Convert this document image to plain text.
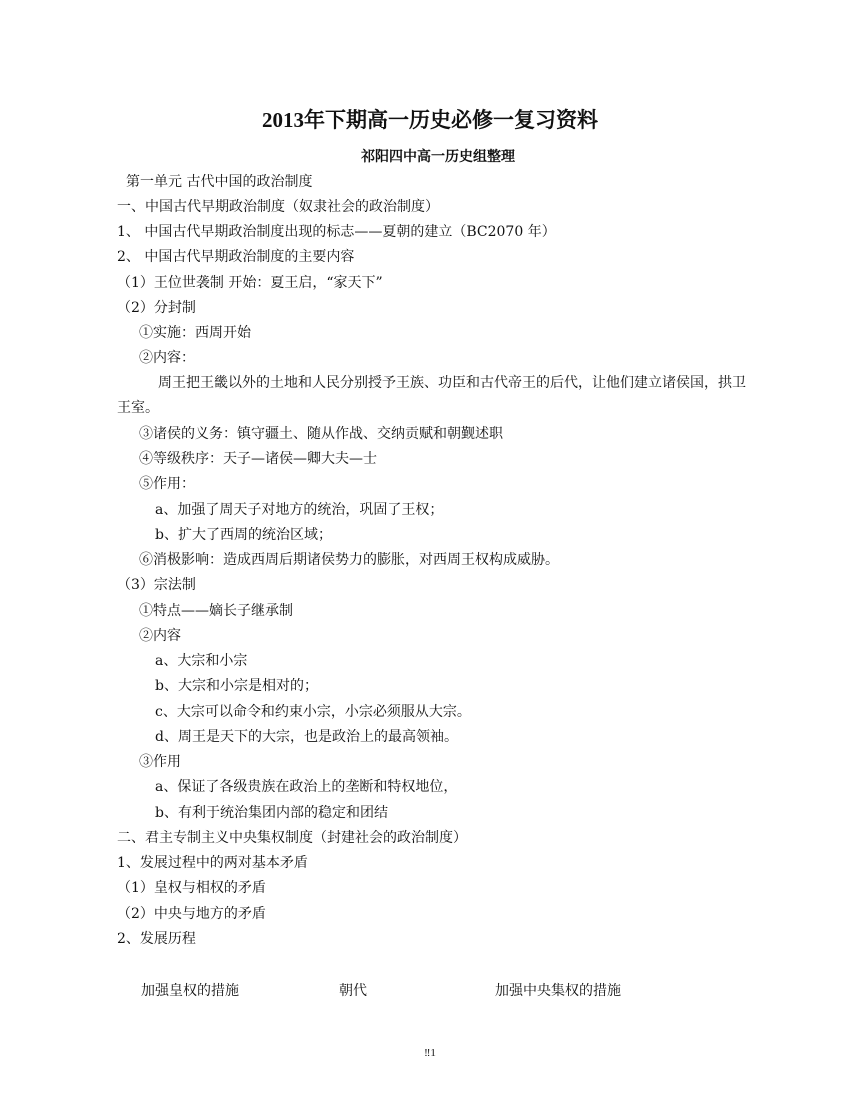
2013年下期高一历史必修一复习资料
祁阳四中高一历史组整理
第一单元 古代中国的政治制度
一、中国古代早期政治制度（奴隶社会的政治制度）
1、 中国古代早期政治制度出现的标志——夏朝的建立（BC2070 年）
2、 中国古代早期政治制度的主要内容
（1）王位世袭制 开始：夏王启，“家天下”
（2）分封制
①实施：西周开始
②内容：
周王把王畿以外的土地和人民分别授予王族、功臣和古代帝王的后代，让他们建立诸侯国，拱卫王室。
③诸侯的义务：镇守疆土、随从作战、交纳贡赋和朝觐述职
④等级秩序：天子—诸侯—卿大夫—士
⑤作用：
a、加强了周天子对地方的统治，巩固了王权；
b、扩大了西周的统治区域；
⑥消极影响：造成西周后期诸侯势力的膨胀，对西周王权构成威胁。
（3）宗法制
①特点——嫡长子继承制
②内容
a、大宗和小宗
b、大宗和小宗是相对的；
c、大宗可以命令和约束小宗，小宗必须服从大宗。
d、周王是天下的大宗，也是政治上的最高领袖。
③作用
a、保证了各级贵族在政治上的垄断和特权地位，
b、有利于统治集团内部的稳定和团结
二、君主专制主义中央集权制度（封建社会的政治制度）
1、发展过程中的两对基本矛盾
（1）皇权与相权的矛盾
（2）中央与地方的矛盾
2、发展历程
加强皇权的措施	朝代	加强中央集权的措施
‼1
